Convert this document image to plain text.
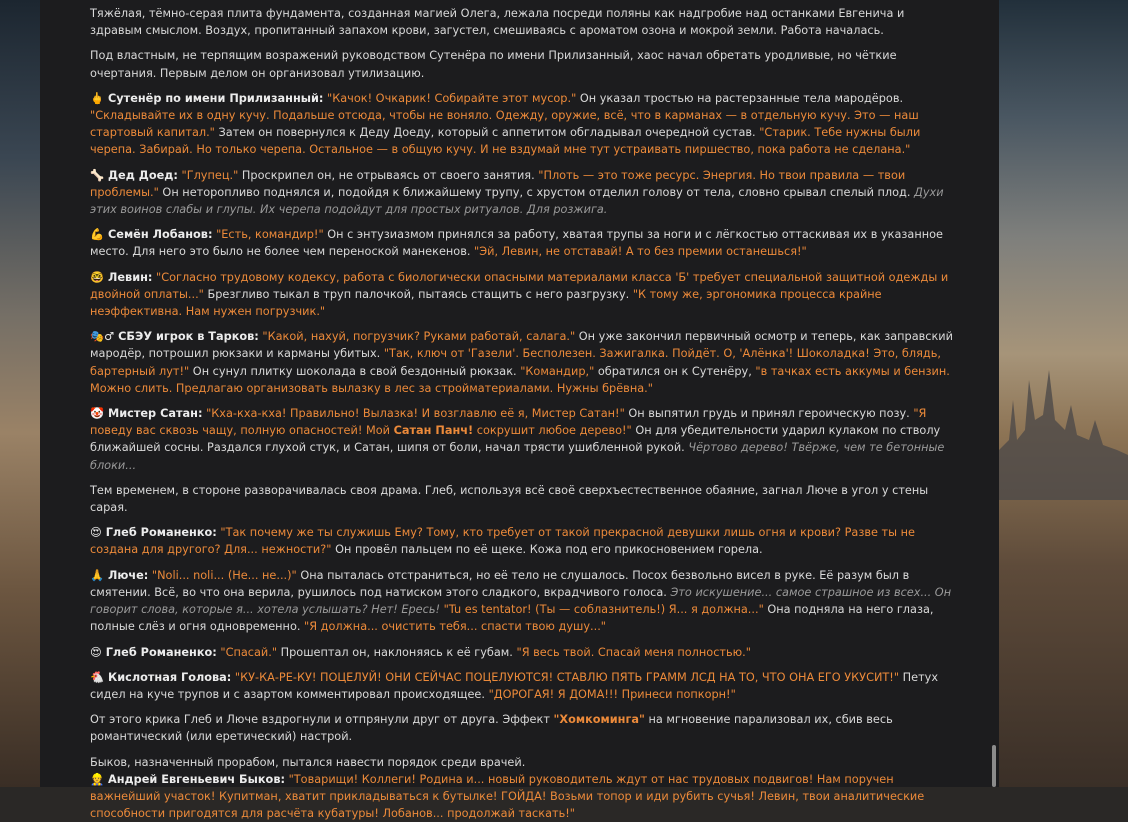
Тяжёлая, тёмно-серая плита фундамента, созданная магией Олега, лежала посреди поляны как надгробие над останками Евгенича и здравым смыслом. Воздух, пропитанный запахом крови, загустел, смешиваясь с ароматом озона и мокрой земли. Работа началась.

Под властным, не терпящим возражений руководством Сутенёра по имени Прилизанный, хаос начал обретать уродливые, но чёткие очертания. Первым делом он организовал утилизацию.

🖕 Сутенёр по имени Прилизанный: "Качок! Очкарик! Собирайте этот мусор." Он указал тростью на растерзанные тела мародёров. "Складывайте их в одну кучу. Подальше отсюда, чтобы не воняло. Одежду, оружие, всё, что в карманах — в отдельную кучу. Это — наш стартовый капитал." Затем он повернулся к Деду Доеду, который с аппетитом обгладывал очередной сустав. "Старик. Тебе нужны были черепа. Забирай. Но только черепа. Остальное — в общую кучу. И не вздумай мне тут устраивать пиршество, пока работа не сделана."

🦴 Дед Доед: "Глупец." Проскрипел он, не отрываясь от своего занятия. "Плоть — это тоже ресурс. Энергия. Но твои правила — твои проблемы." Он неторопливо поднялся и, подойдя к ближайшему трупу, с хрустом отделил голову от тела, словно срывал спелый плод. Духи этих воинов слабы и глупы. Их черепа подойдут для простых ритуалов. Для розжига.

💪 Семён Лобанов: "Есть, командир!" Он с энтузиазмом принялся за работу, хватая трупы за ноги и с лёгкостью оттаскивая их в указанное место. Для него это было не более чем переноской манекенов. "Эй, Левин, не отставай! А то без премии останешься!"

🤓 Левин: "Согласно трудовому кодексу, работа с биологически опасными материалами класса 'Б' требует специальной защитной одежды и двойной оплаты..." Брезгливо тыкал в труп палочкой, пытаясь стащить с него разгрузку. "К тому же, эргономика процесса крайне неэффективна. Нам нужен погрузчик."

🎭♂ СБЭУ игрок в Тарков: "Какой, нахуй, погрузчик? Руками работай, салага." Он уже закончил первичный осмотр и теперь, как заправский мародёр, потрошил рюкзаки и карманы убитых. "Так, ключ от 'Газели'. Бесполезен. Зажигалка. Пойдёт. О, 'Алёнка'! Шоколадка! Это, блядь, бартерный лут!" Он сунул плитку шоколада в свой бездонный рюкзак. "Командир," обратился он к Сутенёру, "в тачках есть аккумы и бензин. Можно слить. Предлагаю организовать вылазку в лес за стройматериалами. Нужны брёвна."

🤡 Мистер Сатан: "Кха-кха-кха! Правильно! Вылазка! И возглавлю её я, Мистер Сатан!" Он выпятил грудь и принял героическую позу. "Я поведу вас сквозь чащу, полную опасностей! Мой Сатан Панч! сокрушит любое дерево!" Он для убедительности ударил кулаком по стволу ближайшей сосны. Раздался глухой стук, и Сатан, шипя от боли, начал трясти ушибленной рукой. Чёртово дерево! Твёрже, чем те бетонные блоки...

Тем временем, в стороне разворачивалась своя драма. Глеб, используя всё своё сверхъестественное обаяние, загнал Люче в угол у стены сарая.

😍 Глеб Романенко: "Так почему же ты служишь Ему? Тому, кто требует от такой прекрасной девушки лишь огня и крови? Разве ты не создана для другого? Для... нежности?" Он провёл пальцем по её щеке. Кожа под его прикосновением горела.

🙏 Люче: "Noli... noli... (Не... не...)" Она пыталась отстраниться, но её тело не слушалось. Посох безвольно висел в руке. Её разум был в смятении. Всё, во что она верила, рушилось под натиском этого сладкого, вкрадчивого голоса. Это искушение... самое страшное из всех... Он говорит слова, которые я... хотела услышать? Нет! Ересь! "Tu es tentator! (Ты — соблазнитель!) Я... я должна..." Она подняла на него глаза, полные слёз и огня одновременно. "Я должна... очистить тебя... спасти твою душу..."

😍 Глеб Романенко: "Спасай." Прошептал он, наклоняясь к её губам. "Я весь твой. Спасай меня полностью."

🐔 Кислотная Голова: "КУ-КА-РЕ-КУ! ПОЦЕЛУЙ! ОНИ СЕЙЧАС ПОЦЕЛУЮТСЯ! СТАВЛЮ ПЯТЬ ГРАММ ЛСД НА ТО, ЧТО ОНА ЕГО УКУСИТ!" Петух сидел на куче трупов и с азартом комментировал происходящее. "ДОРОГАЯ! Я ДОМА!!! Принеси попкорн!"

От этого крика Глеб и Люче вздрогнули и отпрянули друг от друга. Эффект "Хомкоминга" на мгновение парализовал их, сбив весь романтический (или еретический) настрой.

Быков, назначенный прорабом, пытался навести порядок среди врачей.

👷 Андрей Евгеньевич Быков: "Товарищи! Коллеги! Родина и... новый руководитель ждут от нас трудовых подвигов! Нам поручен важнейший участок! Купитман, хватит прикладываться к бутылке! ГОЙДА! Возьми топор и иди рубить сучья! Левин, твои аналитические способности пригодятся для расчёта кубатуры! Лобанов... продолжай таскать!"
